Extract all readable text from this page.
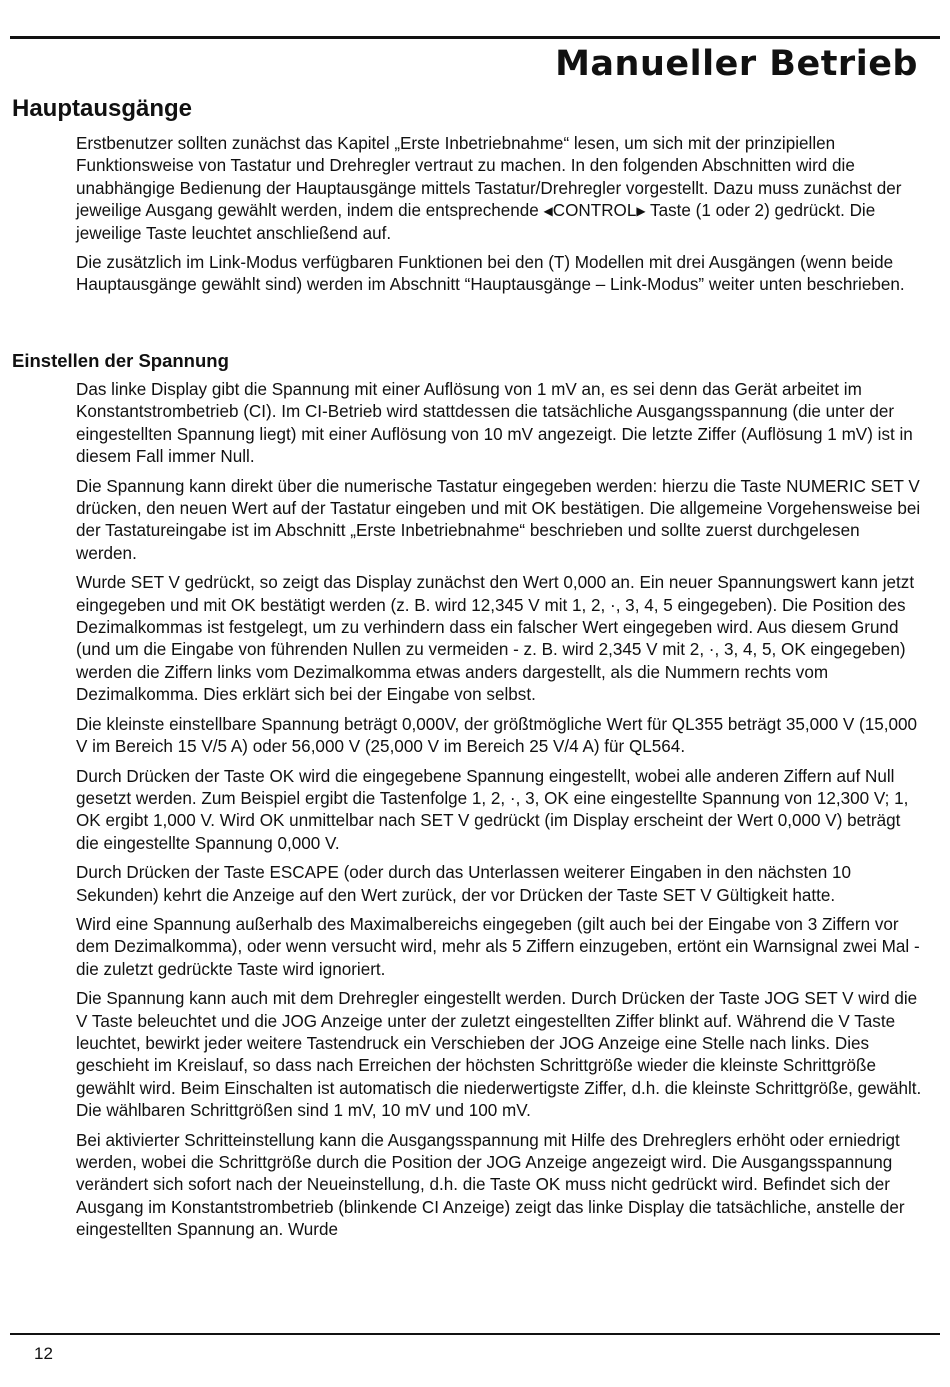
Manueller Betrieb
Hauptausgänge

Erstbenutzer sollten zunächst das Kapitel „Erste Inbetriebnahme“ lesen, um sich mit der prinzipiellen Funktionsweise von Tastatur und Drehregler vertraut zu machen. In den folgenden Abschnitten wird die unabhängige Bedienung der Hauptausgänge mittels Tastatur/Drehregler vorgestellt. Dazu muss zunächst der jeweilige Ausgang gewählt werden, indem die entsprechende ◀CONTROL▶ Taste (1 oder 2) gedrückt. Die jeweilige Taste leuchtet anschließend auf.

Die zusätzlich im Link-Modus verfügbaren Funktionen bei den (T) Modellen mit drei Ausgängen (wenn beide Hauptausgänge gewählt sind) werden im Abschnitt “Hauptausgänge – Link-Modus” weiter unten beschrieben.

Einstellen der Spannung

Das linke Display gibt die Spannung mit einer Auflösung von 1 mV an, es sei denn das Gerät arbeitet im Konstantstrombetrieb (CI). Im CI-Betrieb wird stattdessen die tatsächliche Ausgangsspannung (die unter der eingestellten Spannung liegt) mit einer Auflösung von 10 mV angezeigt. Die letzte Ziffer (Auflösung 1 mV) ist in diesem Fall immer Null.

Die Spannung kann direkt über die numerische Tastatur eingegeben werden: hierzu die Taste NUMERIC SET V drücken, den neuen Wert auf der Tastatur eingeben und mit OK bestätigen. Die allgemeine Vorgehensweise bei der Tastatureingabe ist im Abschnitt „Erste Inbetriebnahme“ beschrieben und sollte zuerst durchgelesen werden.

Wurde SET V gedrückt, so zeigt das Display zunächst den Wert 0,000 an. Ein neuer Spannungswert kann jetzt eingegeben und mit OK bestätigt werden (z. B. wird 12,345 V mit 1, 2, ·, 3, 4, 5 eingegeben). Die Position des Dezimalkommas ist festgelegt, um zu verhindern dass ein falscher Wert eingegeben wird. Aus diesem Grund (und um die Eingabe von führenden Nullen zu vermeiden - z. B. wird 2,345 V mit 2, ·, 3, 4, 5, OK eingegeben) werden die Ziffern links vom Dezimalkomma etwas anders dargestellt, als die Nummern rechts vom Dezimalkomma. Dies erklärt sich bei der Eingabe von selbst.

Die kleinste einstellbare Spannung beträgt 0,000V, der größtmögliche Wert für QL355 beträgt 35,000 V (15,000 V im Bereich 15 V/5 A) oder 56,000 V (25,000 V im Bereich 25 V/4 A) für QL564.

Durch Drücken der Taste OK wird die eingegebene Spannung eingestellt, wobei alle anderen Ziffern auf Null gesetzt werden. Zum Beispiel ergibt die Tastenfolge 1, 2, ·, 3, OK eine eingestellte Spannung von 12,300 V; 1, OK ergibt 1,000 V. Wird OK unmittelbar nach SET V gedrückt (im Display erscheint der Wert 0,000 V) beträgt die eingestellte Spannung 0,000 V.

Durch Drücken der Taste ESCAPE (oder durch das Unterlassen weiterer Eingaben in den nächsten 10 Sekunden) kehrt die Anzeige auf den Wert zurück, der vor Drücken der Taste SET V Gültigkeit hatte.

Wird eine Spannung außerhalb des Maximalbereichs eingegeben (gilt auch bei der Eingabe von 3 Ziffern vor dem Dezimalkomma), oder wenn versucht wird, mehr als 5 Ziffern einzugeben, ertönt ein Warnsignal zwei Mal - die zuletzt gedrückte Taste wird ignoriert.

Die Spannung kann auch mit dem Drehregler eingestellt werden. Durch Drücken der Taste JOG SET V wird die V Taste beleuchtet und die JOG Anzeige unter der zuletzt eingestellten Ziffer blinkt auf. Während die V Taste leuchtet, bewirkt jeder weitere Tastendruck ein Verschieben der JOG Anzeige eine Stelle nach links. Dies geschieht im Kreislauf, so dass nach Erreichen der höchsten Schrittgröße wieder die kleinste Schrittgröße gewählt wird. Beim Einschalten ist automatisch die niederwertigste Ziffer, d.h. die kleinste Schrittgröße, gewählt. Die wählbaren Schrittgrößen sind 1 mV, 10 mV und 100 mV.

Bei aktivierter Schritteinstellung kann die Ausgangsspannung mit Hilfe des Drehreglers erhöht oder erniedrigt werden, wobei die Schrittgröße durch die Position der JOG Anzeige angezeigt wird. Die Ausgangsspannung verändert sich sofort nach der Neueinstellung, d.h. die Taste OK muss nicht gedrückt wird. Befindet sich der Ausgang im Konstantstrombetrieb (blinkende CI Anzeige) zeigt das linke Display die tatsächliche, anstelle der eingestellten Spannung an. Wurde

12
